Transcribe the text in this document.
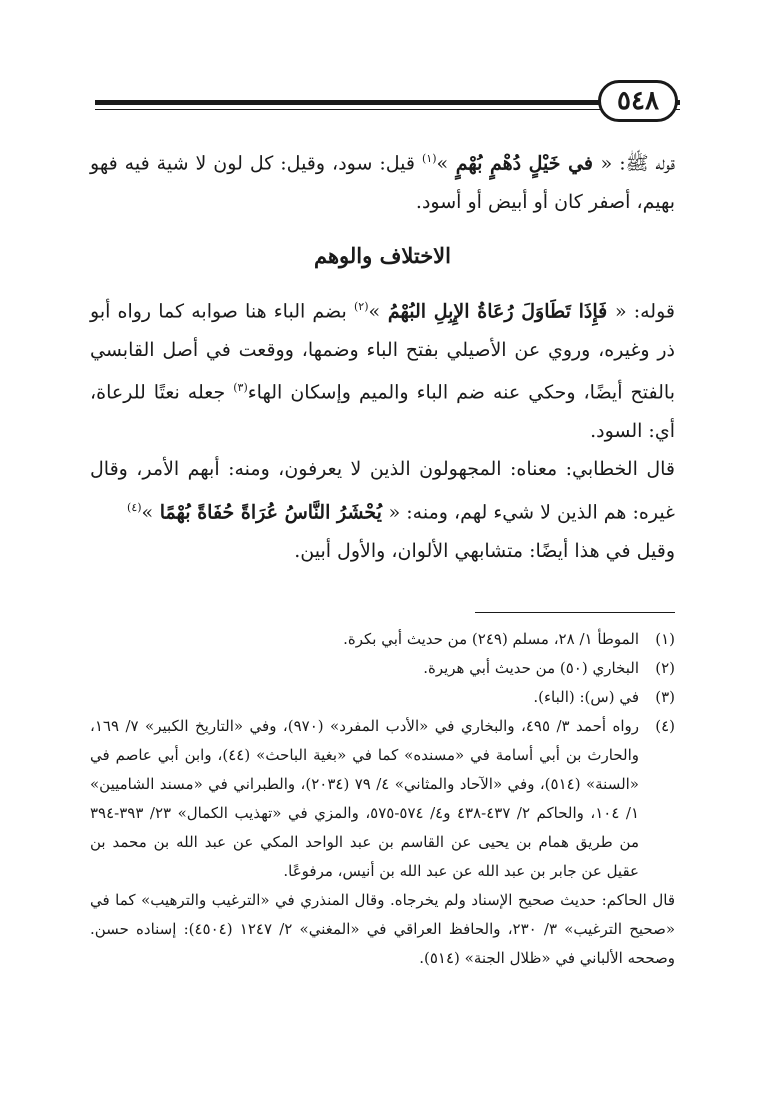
٥٤٨

قوله ﷺ: « في خَيْلٍ دُهْمٍ بُهْمٍ »$^{(١)}$ قيل: سود، وقيل: كل لون لا شية فيه فهو بهيم، أصفر كان أو أبيض أو أسود.

الاختلاف والوهم

قوله: « فَإِذَا تَطَاوَلَ رُعَاةُ الإِبِلِ البُهْمُ »$^{(٢)}$ بضم الباء هنا صوابه كما رواه أبو ذر وغيره، وروي عن الأصيلي بفتح الباء وضمها، ووقعت في أصل القابسي بالفتح أيضًا، وحكي عنه ضم الباء والميم وإسكان الهاء$^{(٣)}$ جعله نعتًا للرعاة، أي: السود.

قال الخطابي: معناه: المجهولون الذين لا يعرفون، ومنه: أبهم الأمر، وقال غيره: هم الذين لا شيء لهم، ومنه: « يُحْشَرُ النَّاسُ عُرَاةً حُفَاةً بُهْمًا »$^{(٤)}$

وقيل في هذا أيضًا: متشابهي الألوان، والأول أبين.

(١)
الموطأ ١/ ٢٨، مسلم (٢٤٩) من حديث أبي بكرة.
(٢)
البخاري (٥٠) من حديث أبي هريرة.
(٣)
في (س): (الباء).
(٤)
رواه أحمد ٣/ ٤٩٥، والبخاري في «الأدب المفرد» (٩٧٠)، وفي «التاريخ الكبير» ٧/ ١٦٩، والحارث بن أبي أسامة في «مسنده» كما في «بغية الباحث» (٤٤)، وابن أبي عاصم في «السنة» (٥١٤)، وفي «الآحاد والمثاني» ٤/ ٧٩ (٢٠٣٤)، والطبراني في «مسند الشاميين» ١/ ١٠٤، والحاكم ٢/ ٤٣٧-٤٣٨ و٤/ ٥٧٤-٥٧٥، والمزي في «تهذيب الكمال» ٢٣/ ٣٩٣-٣٩٤ من طريق همام بن يحيى عن القاسم بن عبد الواحد المكي عن عبد الله بن محمد بن عقيل عن جابر بن عبد الله عن عبد الله بن أنيس، مرفوعًا.
قال الحاكم: حديث صحيح الإسناد ولم يخرجاه. وقال المنذري في «الترغيب والترهيب» كما في «صحيح الترغيب» ٣/ ٢٣٠، والحافظ العراقي في «المغني» ٢/ ١٢٤٧ (٤٥٠٤): إسناده حسن. وصححه الألباني في «ظلال الجنة» (٥١٤).
